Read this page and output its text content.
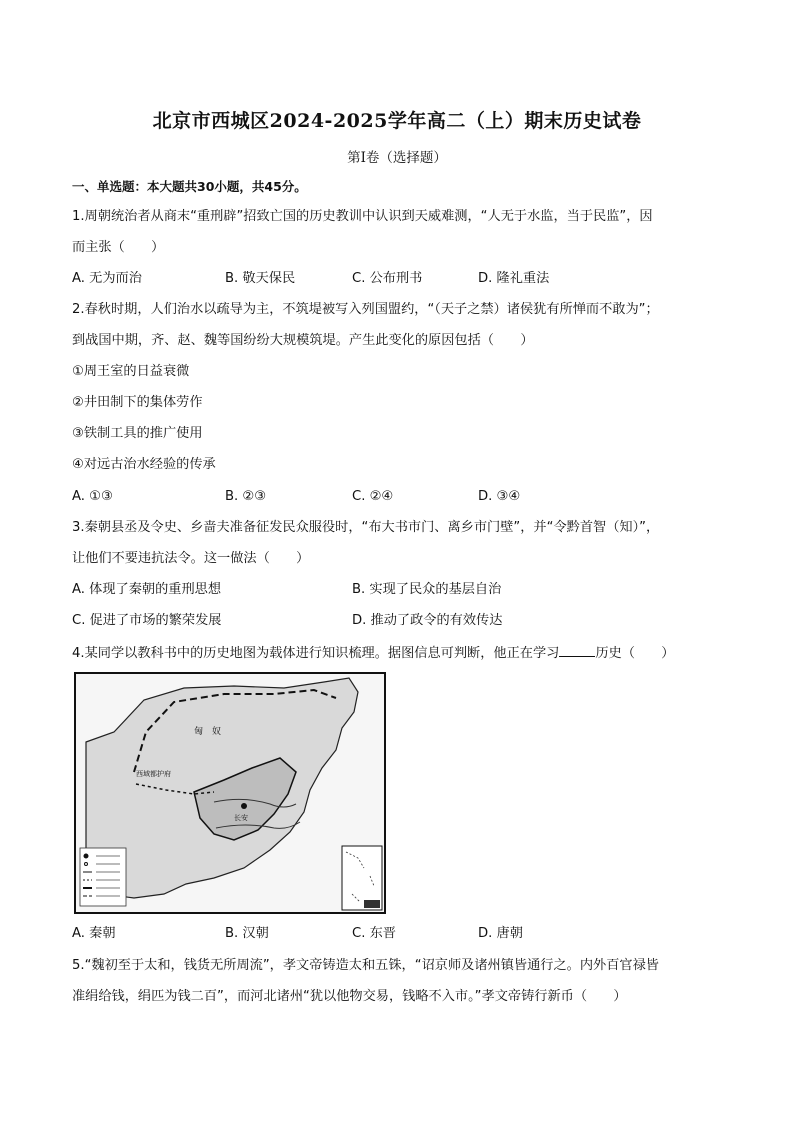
北京市西城区2024-2025学年高二（上）期末历史试卷
第I卷（选择题）
一、单选题：本大题共30小题，共45分。
1.周朝统治者从商末“重刑辟”招致亡国的历史教训中认识到天威难测，“人无于水监，当于民监”，因
而主张（　　）
A. 无为而治	B. 敬天保民	C. 公布刑书	D. 隆礼重法
2.春秋时期，人们治水以疏导为主，不筑堤被写入列国盟约，“（天子之禁）诸侯犹有所惮而不敢为”；
到战国中期，齐、赵、魏等国纷纷大规模筑堤。产生此变化的原因包括（　　）
①周王室的日益衰微
②井田制下的集体劳作
③铁制工具的推广使用
④对远古治水经验的传承
A. ①③	B. ②③	C. ②④	D. ③④
3.秦朝县丞及令史、乡啬夫准备征发民众服役时，“布大书市门、离乡市门壁”，并“令黔首智（知）”，
让他们不要违抗法令。这一做法（　　）
A. 体现了秦朝的重刑思想	B. 实现了民众的基层自治
C. 促进了市场的繁荣发展	D. 推动了政令的有效传达
4.某同学以教科书中的历史地图为载体进行知识梳理。据图信息可判断，他正在学习	历史（　　）
匈　奴
西域都护府
长安
A. 秦朝	B. 汉朝	C. 东晋	D. 唐朝
5.“魏初至于太和，钱货无所周流”，孝文帝铸造太和五铢，“诏京师及诸州镇皆通行之。内外百官禄皆
准绢给钱，绢匹为钱二百”，而河北诸州“犹以他物交易，钱略不入市。”孝文帝铸行新币（　　）
